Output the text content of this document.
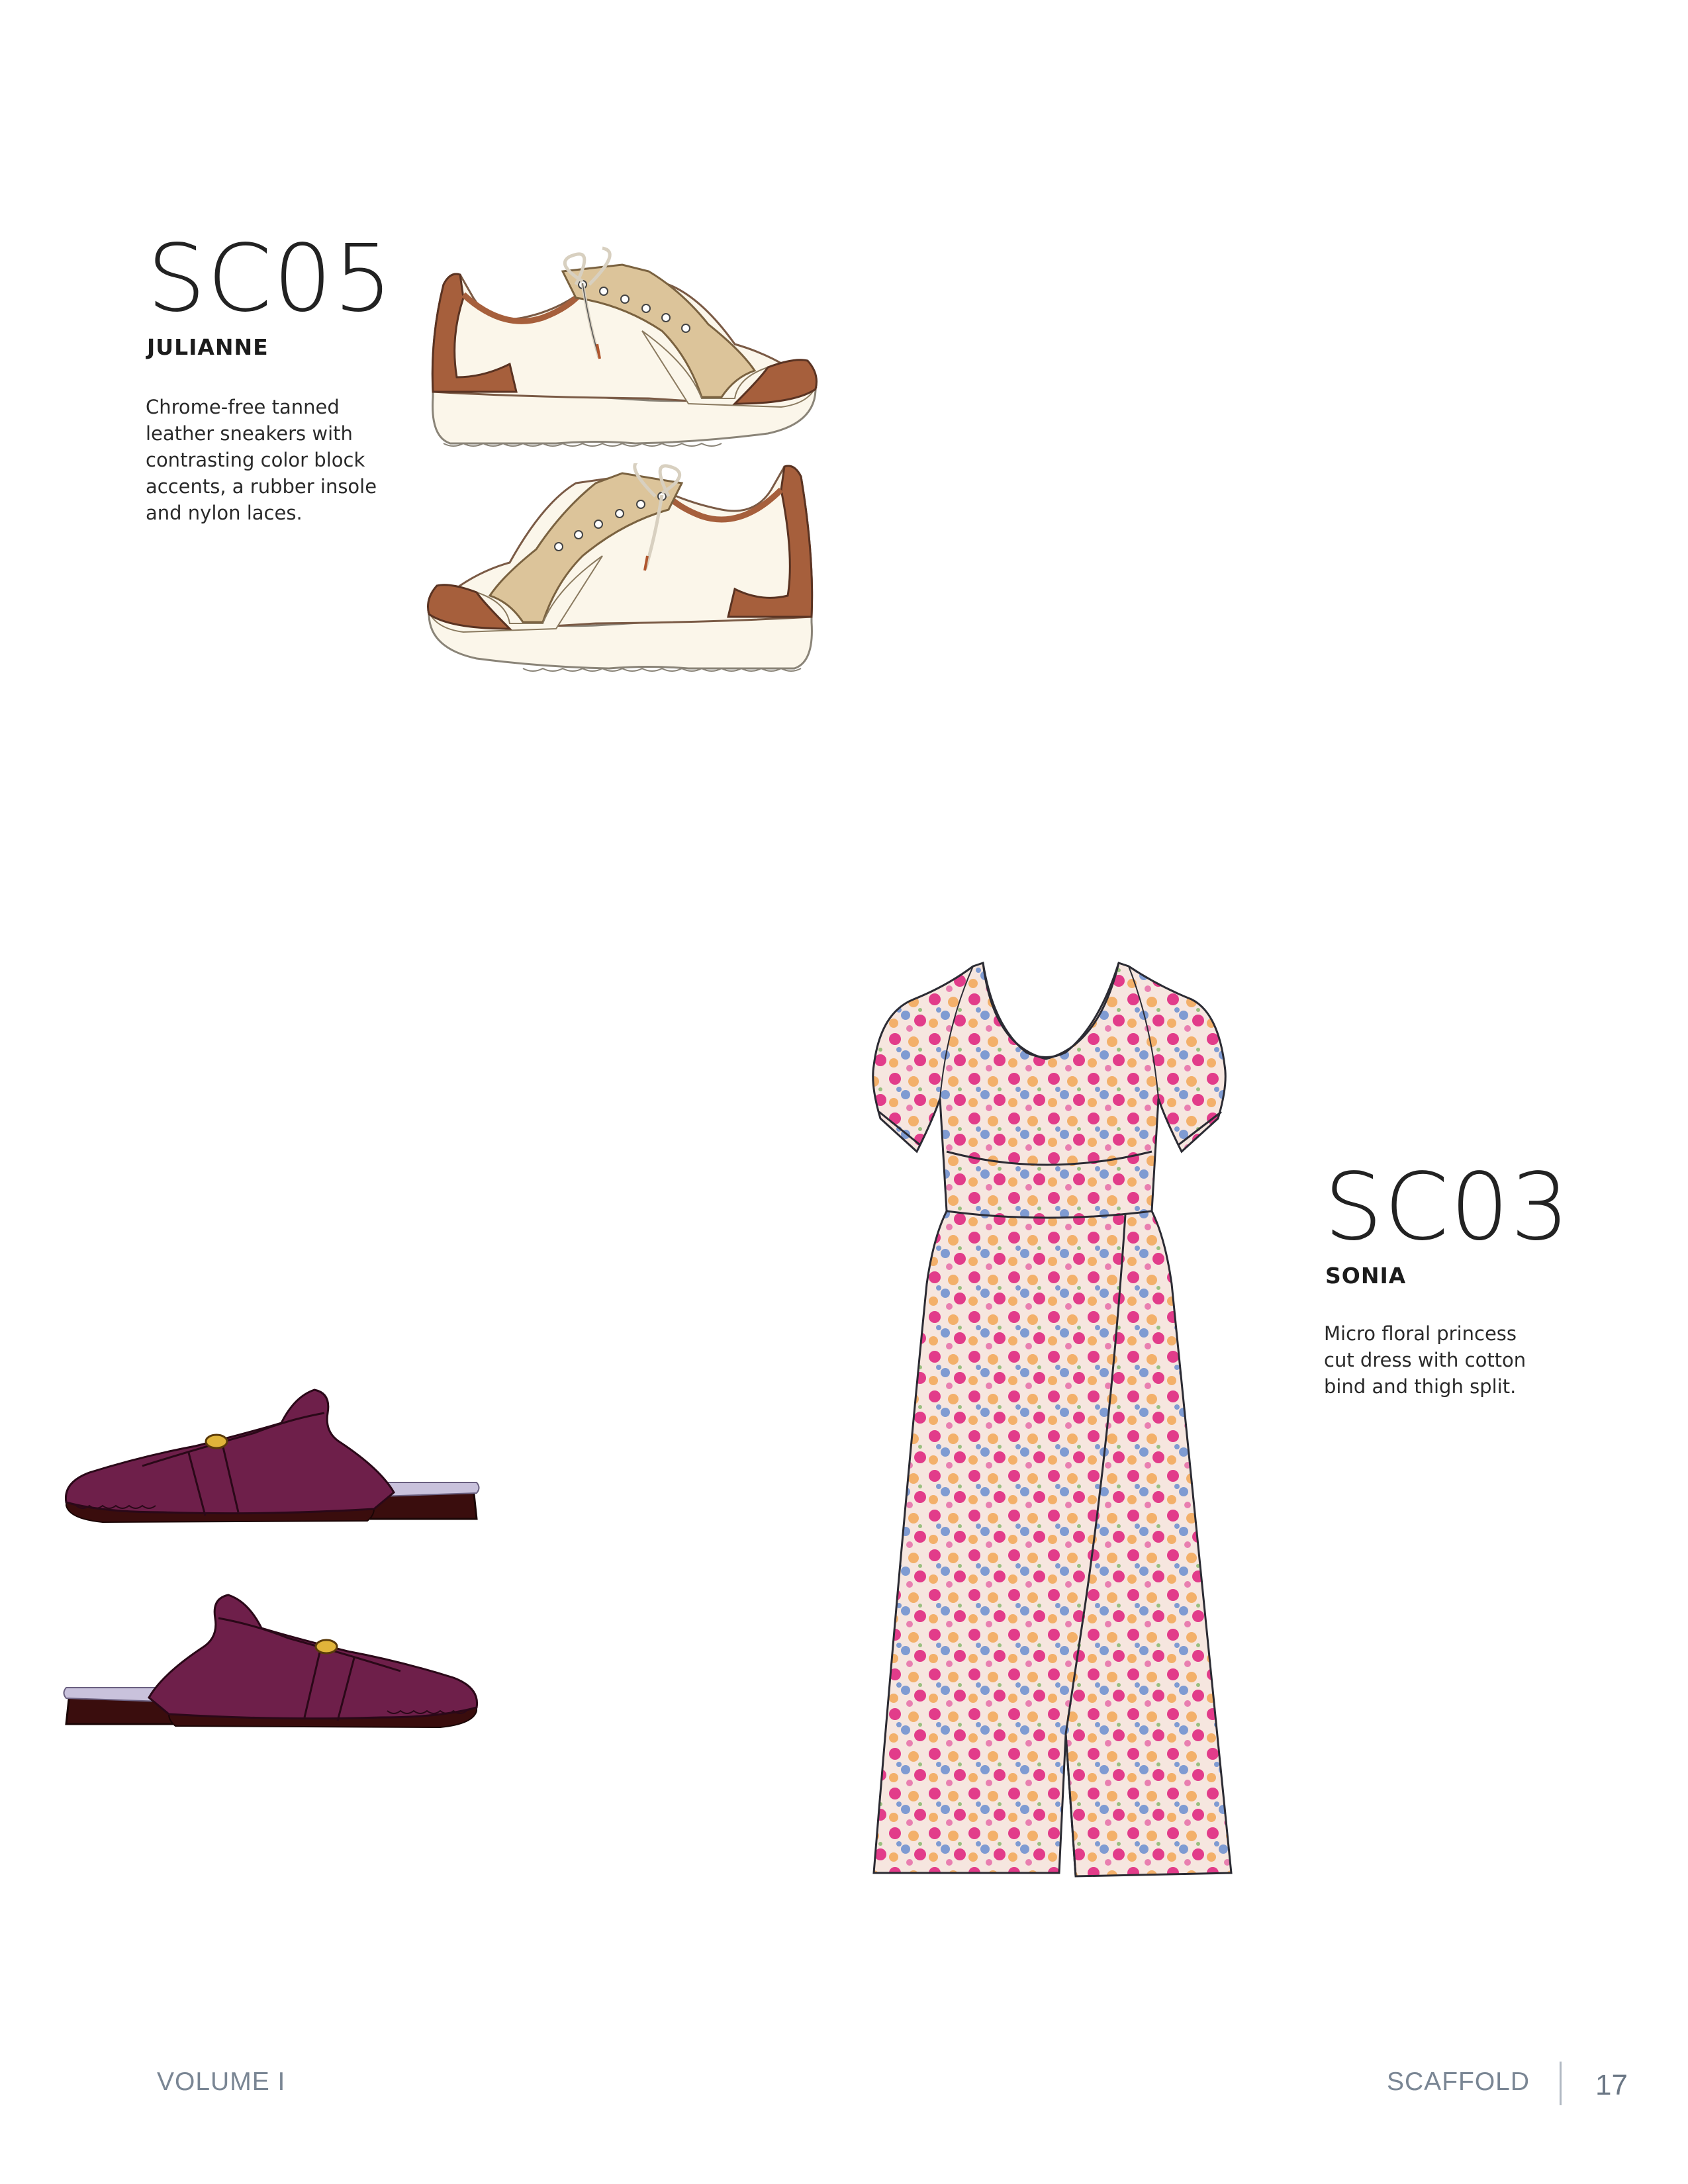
SC05
JULIANNE
Chrome-free tanned
leather sneakers with
contrasting color block
accents, a rubber insole
and nylon laces.
SC03
SONIA
Micro floral princess
cut dress with cotton
bind and thigh split.
VOLUME I	SCAFFOLD 17
